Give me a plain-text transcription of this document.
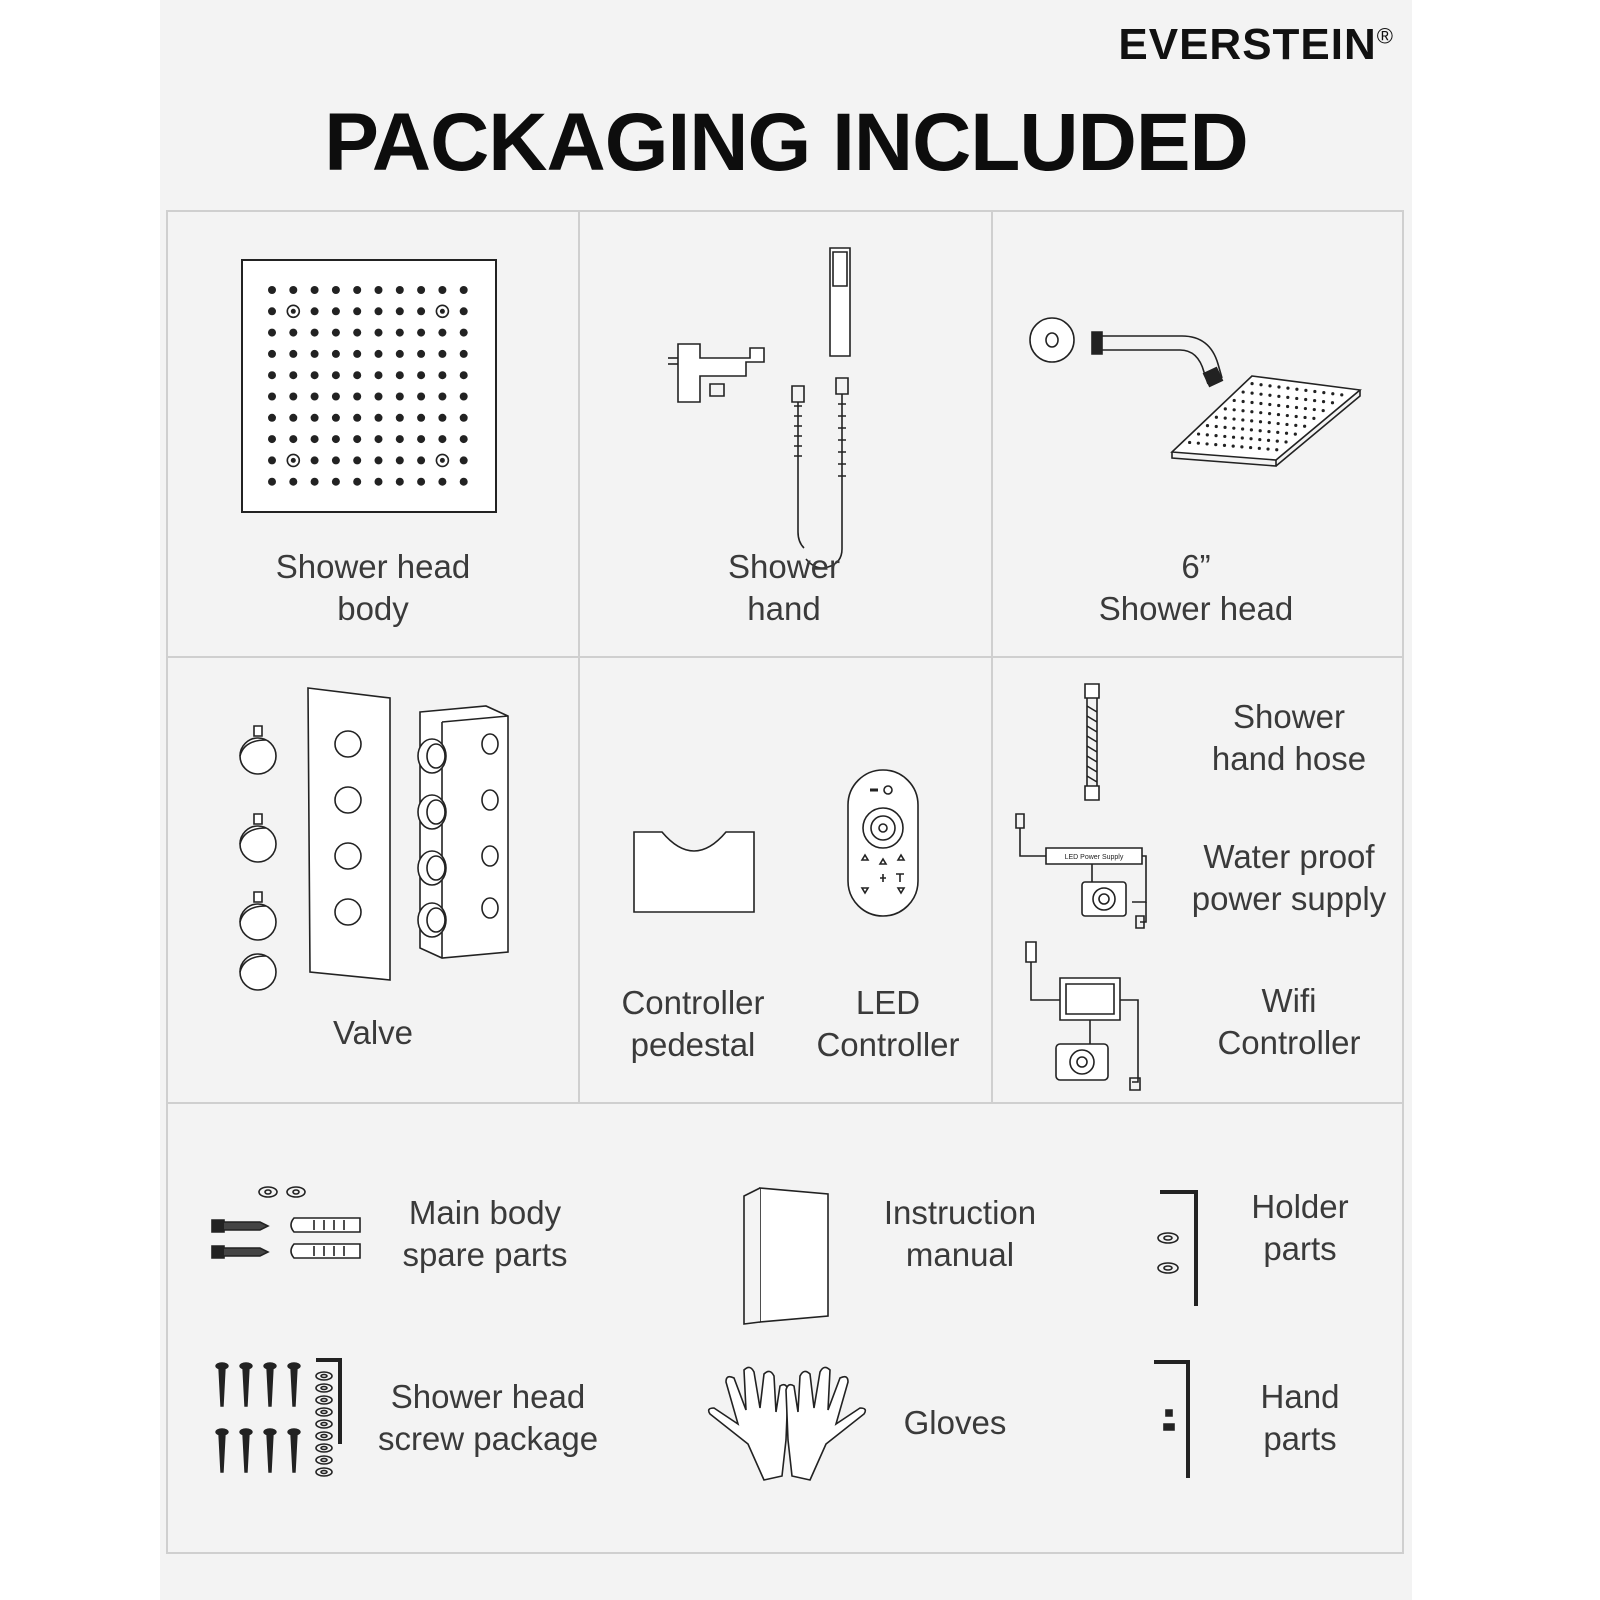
EVERSTEIN®
PACKAGING INCLUDED

Shower head
body

Shower
hand

6”
Shower head

Valve

Controller
pedestal

LED
Controller

Shower
hand hose

LED Power Supply	Water proof
power supply

Wifi
Controller

Main body
spare parts

Instruction
manual

Holder
parts

Shower head
screw package	Gloves

Hand
parts
